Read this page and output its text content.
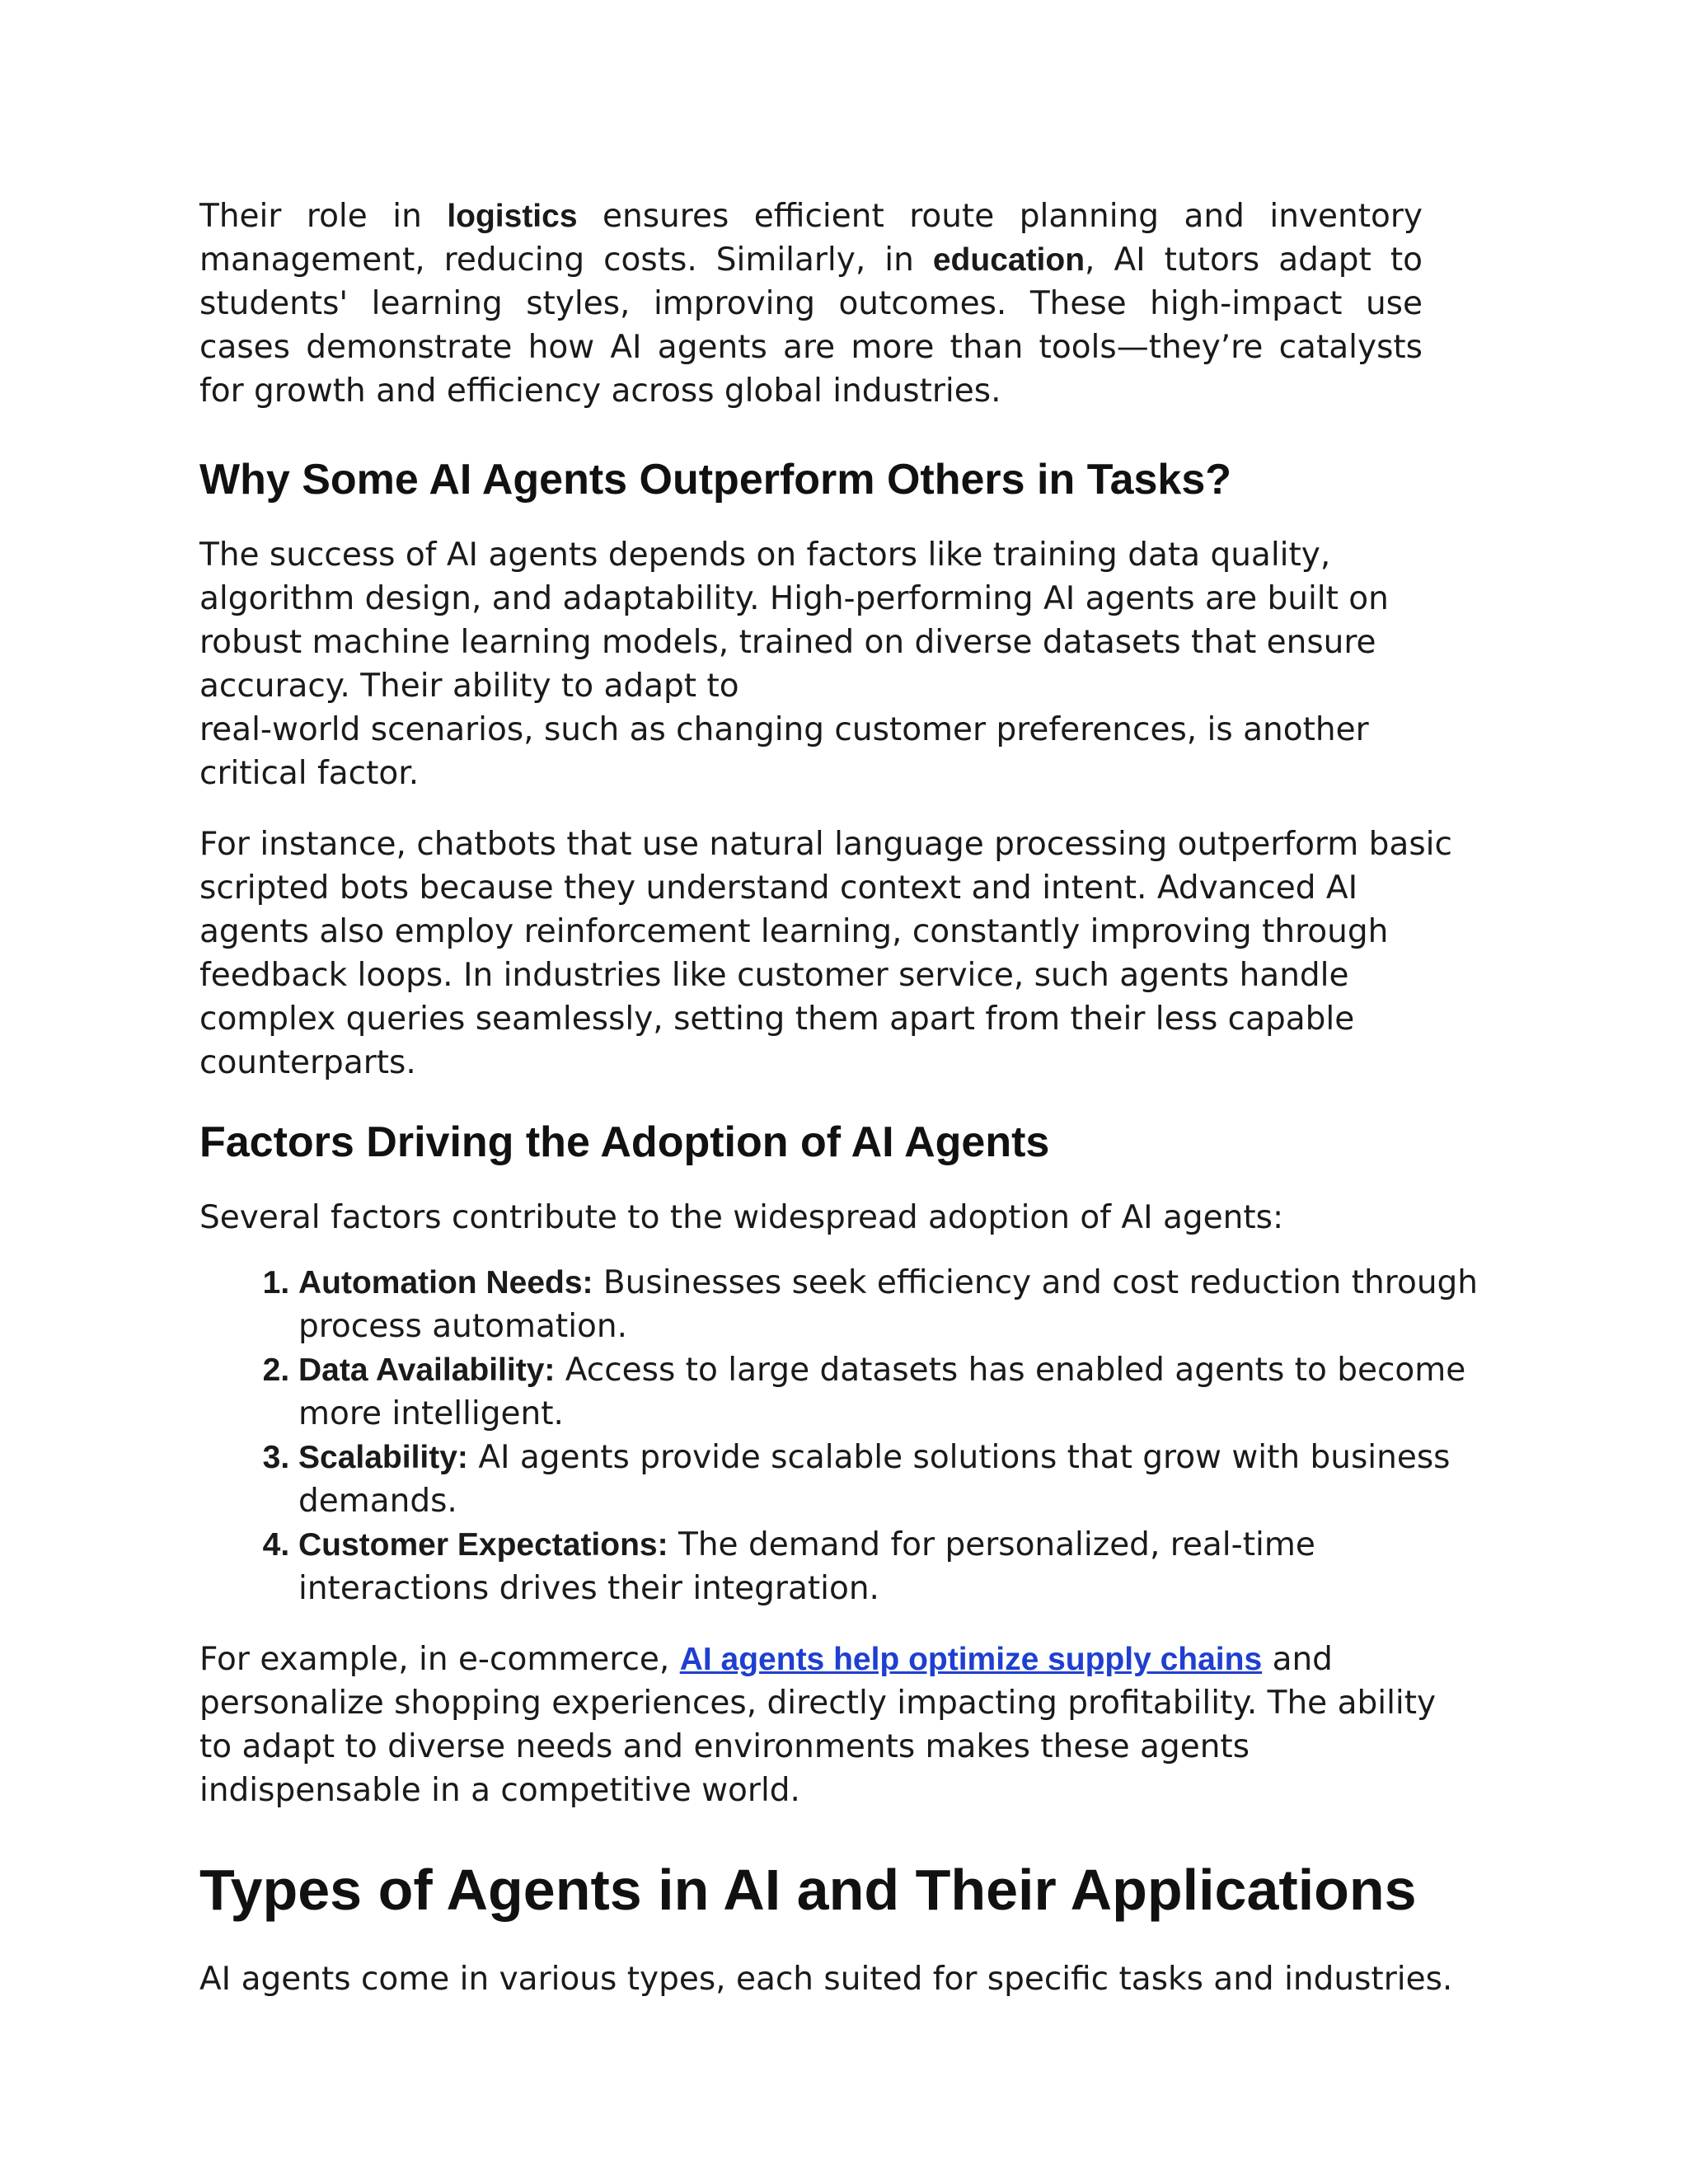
Their role in logistics ensures efficient route planning and inventory management, reducing costs. Similarly, in education, AI tutors adapt to students' learning styles, improving outcomes. These high-impact use cases demonstrate how AI agents are more than tools—they’re catalysts for growth and efficiency across global industries.

Why Some AI Agents Outperform Others in Tasks?

The success of AI agents depends on factors like training data quality, algorithm design, and adaptability. High-performing AI agents are built on robust machine learning models, trained on diverse datasets that ensure accuracy. Their ability to adapt to
real-world scenarios, such as changing customer preferences, is another critical factor.

For instance, chatbots that use natural language processing outperform basic scripted bots because they understand context and intent. Advanced AI agents also employ reinforcement learning, constantly improving through feedback loops. In industries like customer service, such agents handle complex queries seamlessly, setting them apart from their less capable counterparts.

Factors Driving the Adoption of AI Agents

Several factors contribute to the widespread adoption of AI agents:

1. Automation Needs: Businesses seek efficiency and cost reduction through process automation.
2. Data Availability: Access to large datasets has enabled agents to become more intelligent.
3. Scalability: AI agents provide scalable solutions that grow with business demands.
4. Customer Expectations: The demand for personalized, real-time interactions drives their integration.

For example, in e-commerce, AI agents help optimize supply chains and personalize shopping experiences, directly impacting profitability. The ability to adapt to diverse needs and environments makes these agents indispensable in a competitive world.

Types of Agents in AI and Their Applications

AI agents come in various types, each suited for specific tasks and industries.
